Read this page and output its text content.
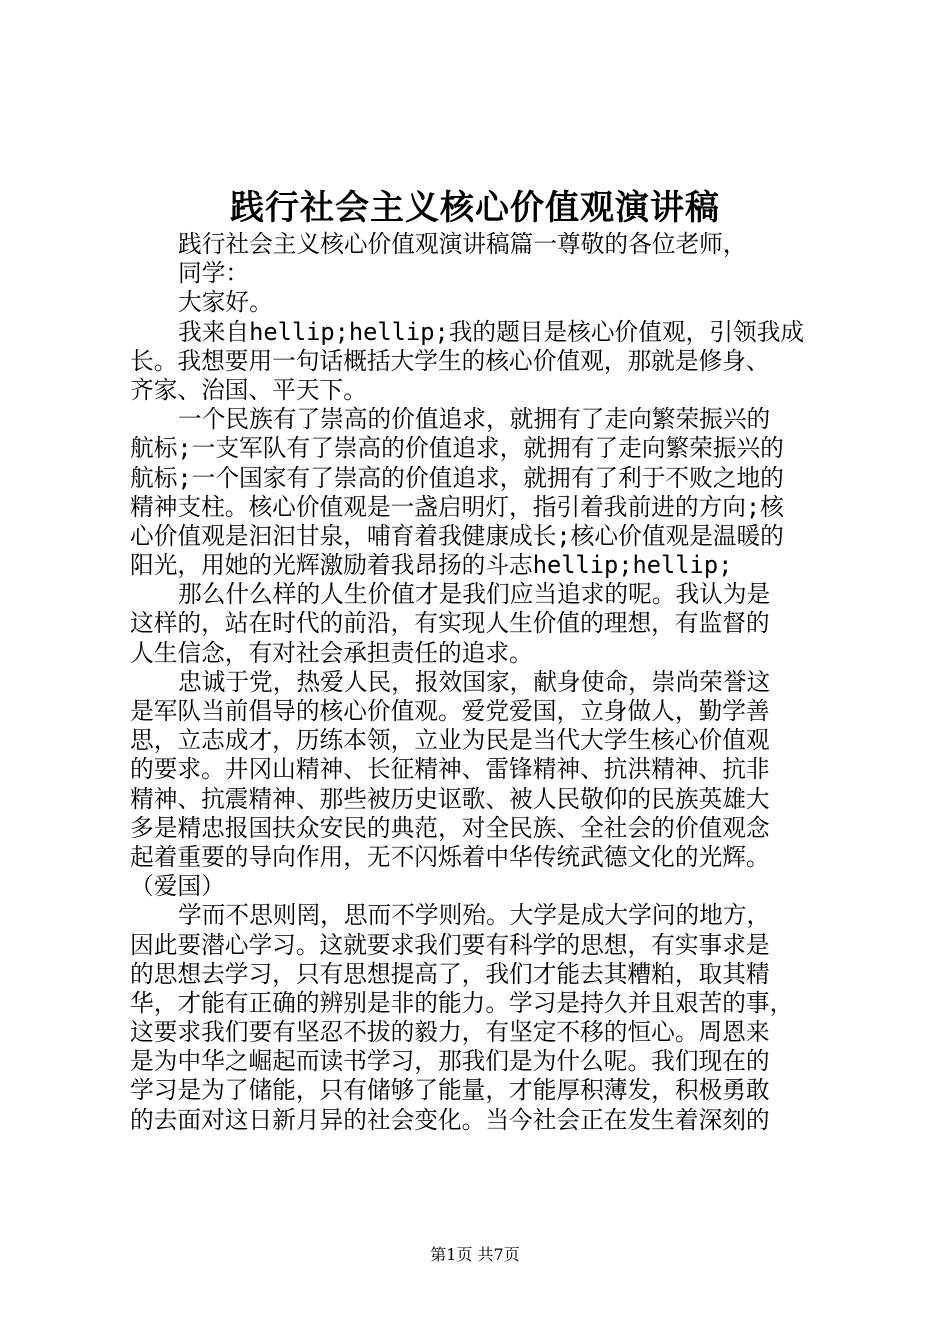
践行社会主义核心价值观演讲稿
践行社会主义核心价值观演讲稿篇一尊敬的各位老师，
同学：
大家好。
我来自hellip;hellip;我的题目是核心价值观，引领我成
长。我想要用一句话概括大学生的核心价值观，那就是修身、
齐家、治国、平天下。
一个民族有了崇高的价值追求，就拥有了走向繁荣振兴的
航标;一支军队有了崇高的价值追求，就拥有了走向繁荣振兴的
航标;一个国家有了崇高的价值追求，就拥有了利于不败之地的
精神支柱。核心价值观是一盏启明灯，指引着我前进的方向;核
心价值观是汩汩甘泉，哺育着我健康成长;核心价值观是温暖的
阳光，用她的光辉激励着我昂扬的斗志hellip;hellip;
那么什么样的人生价值才是我们应当追求的呢。我认为是
这样的，站在时代的前沿，有实现人生价值的理想，有监督的
人生信念，有对社会承担责任的追求。
忠诚于党，热爱人民，报效国家，献身使命，崇尚荣誉这
是军队当前倡导的核心价值观。爱党爱国，立身做人，勤学善
思，立志成才，历练本领，立业为民是当代大学生核心价值观
的要求。井冈山精神、长征精神、雷锋精神、抗洪精神、抗非
精神、抗震精神、那些被历史讴歌、被人民敬仰的民族英雄大
多是精忠报国扶众安民的典范，对全民族、全社会的价值观念
起着重要的导向作用，无不闪烁着中华传统武德文化的光辉。
（爱国）
学而不思则罔，思而不学则殆。大学是成大学问的地方，
因此要潜心学习。这就要求我们要有科学的思想，有实事求是
的思想去学习，只有思想提高了，我们才能去其糟粕，取其精
华，才能有正确的辨别是非的能力。学习是持久并且艰苦的事，
这要求我们要有坚忍不拔的毅力，有坚定不移的恒心。周恩来
是为中华之崛起而读书学习，那我们是为什么呢。我们现在的
学习是为了储能，只有储够了能量，才能厚积薄发，积极勇敢
的去面对这日新月异的社会变化。当今社会正在发生着深刻的
第1页 共7页
